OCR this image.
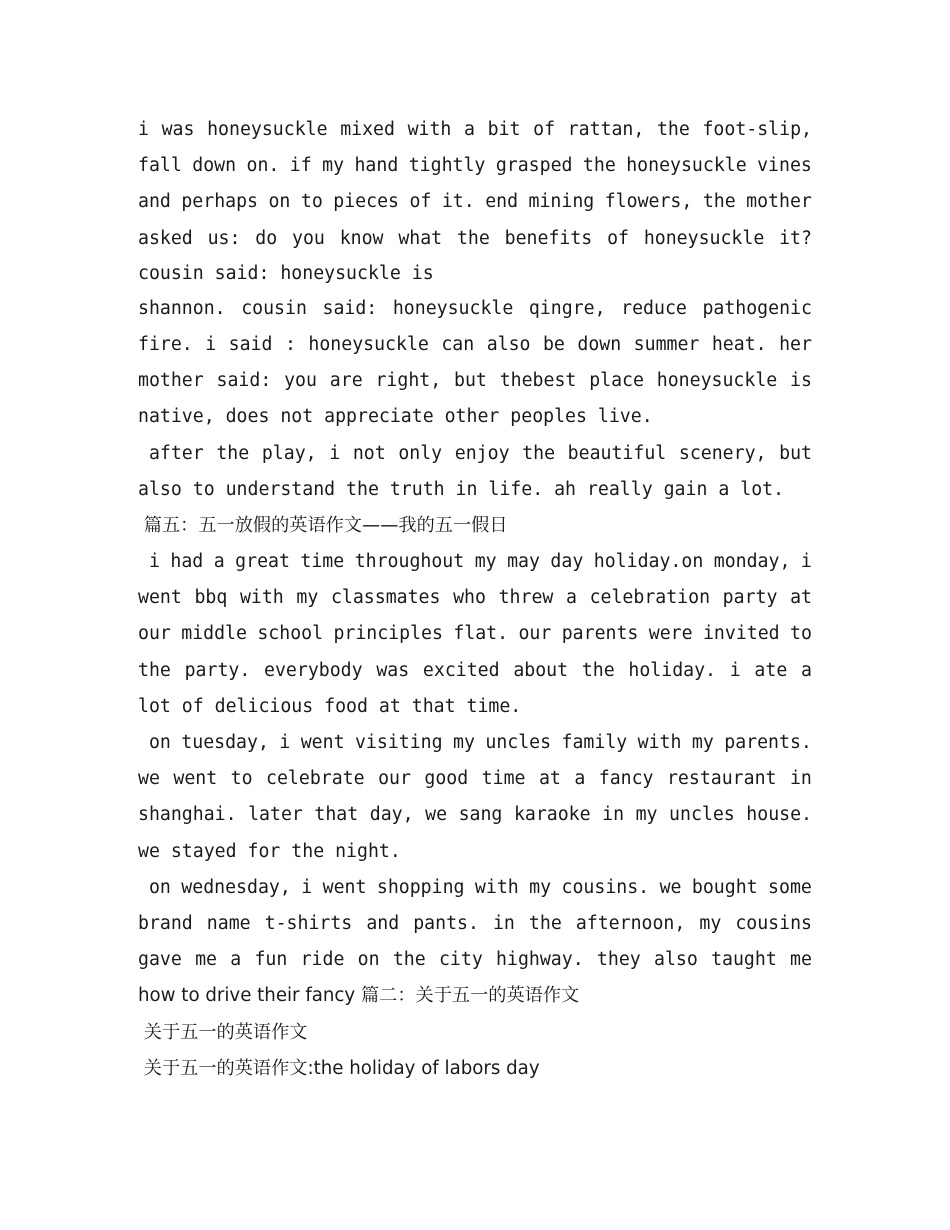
i was honeysuckle mixed with a bit of rattan, the foot-slip,
fall down on. if my hand tightly grasped the honeysuckle vines
and perhaps on to pieces of it. end mining flowers, the mother
asked us: do you know what the benefits of honeysuckle it?
cousin said: honeysuckle is
shannon. cousin said: honeysuckle qingre, reduce pathogenic
fire. i said : honeysuckle can also be down summer heat. her
mother said: you are right, but thebest place honeysuckle is
native, does not appreciate other peoples live.
after the play, i not only enjoy the beautiful scenery, but
also to understand the truth in life. ah really gain a lot.
篇五：五一放假的英语作文——我的五一假日
i had a great time throughout my may day holiday.on monday, i
went bbq with my classmates who threw a celebration party at
our middle school principles flat. our parents were invited to
the party. everybody was excited about the holiday. i ate a
lot of delicious food at that time.
on tuesday, i went visiting my uncles family with my parents.
we went to celebrate our good time at a fancy restaurant in
shanghai. later that day, we sang karaoke in my uncles house.
we stayed for the night.
on wednesday, i went shopping with my cousins. we bought some
brand name t-shirts and pants. in the afternoon, my cousins
gave me a fun ride on the city highway. they also taught me
how to drive their fancy 篇二：关于五一的英语作文
关于五一的英语作文
关于五一的英语作文:the holiday of labors day
